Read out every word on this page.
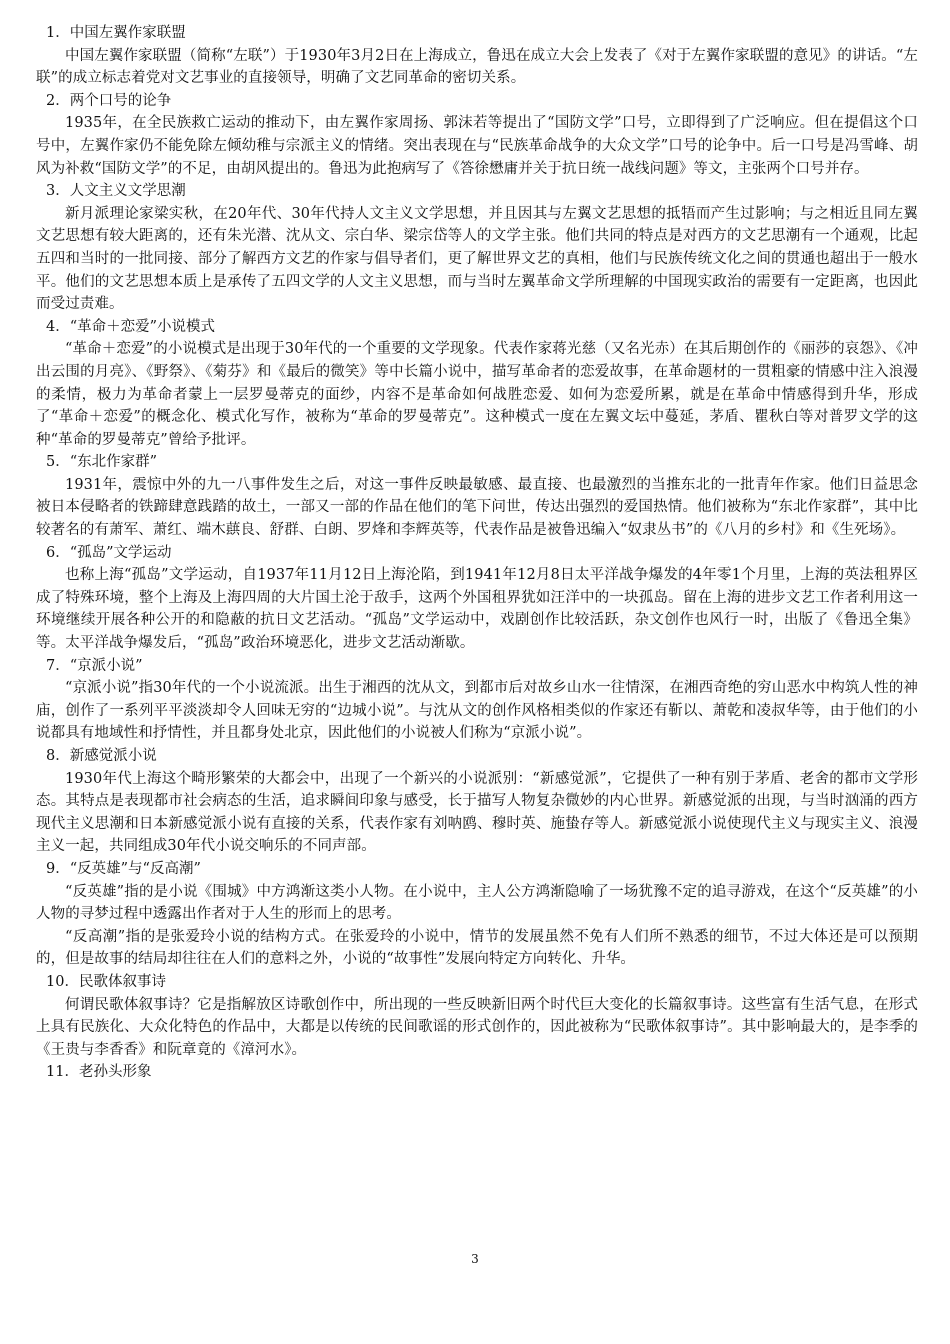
1．中国左翼作家联盟

中国左翼作家联盟（简称“左联”）于1930年3月2日在上海成立，鲁迅在成立大会上发表了《对于左翼作家联盟的意见》的讲话。“左联”的成立标志着党对文艺事业的直接领导，明确了文艺同革命的密切关系。

2．两个口号的论争

1935年，在全民族救亡运动的推动下，由左翼作家周扬、郭沫若等提出了“国防文学”口号，立即得到了广泛响应。但在提倡这个口号中，左翼作家仍不能免除左倾幼稚与宗派主义的情绪。突出表现在与“民族革命战争的大众文学”口号的论争中。后一口号是冯雪峰、胡风为补救“国防文学”的不足，由胡风提出的。鲁迅为此抱病写了《答徐懋庸并关于抗日统一战线问题》等文，主张两个口号并存。

3．人文主义文学思潮

新月派理论家梁实秋，在20年代、30年代持人文主义文学思想，并且因其与左翼文艺思想的抵牾而产生过影响；与之相近且同左翼文艺思想有较大距离的，还有朱光潜、沈从文、宗白华、梁宗岱等人的文学主张。他们共同的特点是对西方的文艺思潮有一个通观，比起五四和当时的一批同接、部分了解西方文艺的作家与倡导者们，更了解世界文艺的真相，他们与民族传统文化之间的贯通也超出于一般水平。他们的文艺思想本质上是承传了五四文学的人文主义思想，而与当时左翼革命文学所理解的中国现实政治的需要有一定距离，也因此而受过责难。

4．“革命＋恋爱”小说模式

“革命＋恋爱”的小说模式是出现于30年代的一个重要的文学现象。代表作家蒋光慈（又名光赤）在其后期创作的《丽莎的哀怨》、《冲出云围的月亮》、《野祭》、《菊芬》和《最后的微笑》等中长篇小说中，描写革命者的恋爱故事，在革命题材的一贯粗豪的情感中注入浪漫的柔情，极力为革命者蒙上一层罗曼蒂克的面纱，内容不是革命如何战胜恋爱、如何为恋爱所累，就是在革命中情感得到升华，形成了“革命＋恋爱”的概念化、模式化写作，被称为“革命的罗曼蒂克”。这种模式一度在左翼文坛中蔓延，茅盾、瞿秋白等对普罗文学的这种“革命的罗曼蒂克”曾给予批评。

5．“东北作家群”

1931年，震惊中外的九一八事件发生之后，对这一事件反映最敏感、最直接、也最激烈的当推东北的一批青年作家。他们日益思念被日本侵略者的铁蹄肆意践踏的故土，一部又一部的作品在他们的笔下问世，传达出强烈的爱国热情。他们被称为“东北作家群”，其中比较著名的有萧军、萧红、端木蕻良、舒群、白朗、罗烽和李辉英等，代表作品是被鲁迅编入“奴隶丛书”的《八月的乡村》和《生死场》。

6．“孤岛”文学运动

也称上海“孤岛”文学运动，自1937年11月12日上海沦陷，到1941年12月8日太平洋战争爆发的4年零1个月里，上海的英法租界区成了特殊环境，整个上海及上海四周的大片国土沦于敌手，这两个外国租界犹如汪洋中的一块孤岛。留在上海的进步文艺工作者利用这一环境继续开展各种公开的和隐蔽的抗日文艺活动。“孤岛”文学运动中，戏剧创作比较活跃，杂文创作也风行一时，出版了《鲁迅全集》等。太平洋战争爆发后，“孤岛”政治环境恶化，进步文艺活动渐歇。

7．“京派小说”

“京派小说”指30年代的一个小说流派。出生于湘西的沈从文，到都市后对故乡山水一往情深，在湘西奇绝的穷山恶水中构筑人性的神庙，创作了一系列平平淡淡却令人回味无穷的“边城小说”。与沈从文的创作风格相类似的作家还有靳以、萧乾和凌叔华等，由于他们的小说都具有地域性和抒情性，并且都身处北京，因此他们的小说被人们称为“京派小说”。

8．新感觉派小说

1930年代上海这个畸形繁荣的大都会中，出现了一个新兴的小说派别：“新感觉派”，它提供了一种有别于茅盾、老舍的都市文学形态。其特点是表现都市社会病态的生活，追求瞬间印象与感受，长于描写人物复杂微妙的内心世界。新感觉派的出现，与当时汹涌的西方现代主义思潮和日本新感觉派小说有直接的关系，代表作家有刘呐鸥、穆时英、施蛰存等人。新感觉派小说使现代主义与现实主义、浪漫主义一起，共同组成30年代小说交响乐的不同声部。

9．“反英雄”与“反高潮”

“反英雄”指的是小说《围城》中方鸿渐这类小人物。在小说中，主人公方鸿渐隐喻了一场犹豫不定的追寻游戏，在这个“反英雄”的小人物的寻梦过程中透露出作者对于人生的形而上的思考。

“反高潮”指的是张爱玲小说的结构方式。在张爱玲的小说中，情节的发展虽然不免有人们所不熟悉的细节，不过大体还是可以预期的，但是故事的结局却往往在人们的意料之外，小说的“故事性”发展向特定方向转化、升华。

10．民歌体叙事诗

何谓民歌体叙事诗？它是指解放区诗歌创作中，所出现的一些反映新旧两个时代巨大变化的长篇叙事诗。这些富有生活气息，在形式上具有民族化、大众化特色的作品中，大都是以传统的民间歌谣的形式创作的，因此被称为“民歌体叙事诗”。其中影响最大的，是李季的《王贵与李香香》和阮章竟的《漳河水》。

11．老孙头形象

3
